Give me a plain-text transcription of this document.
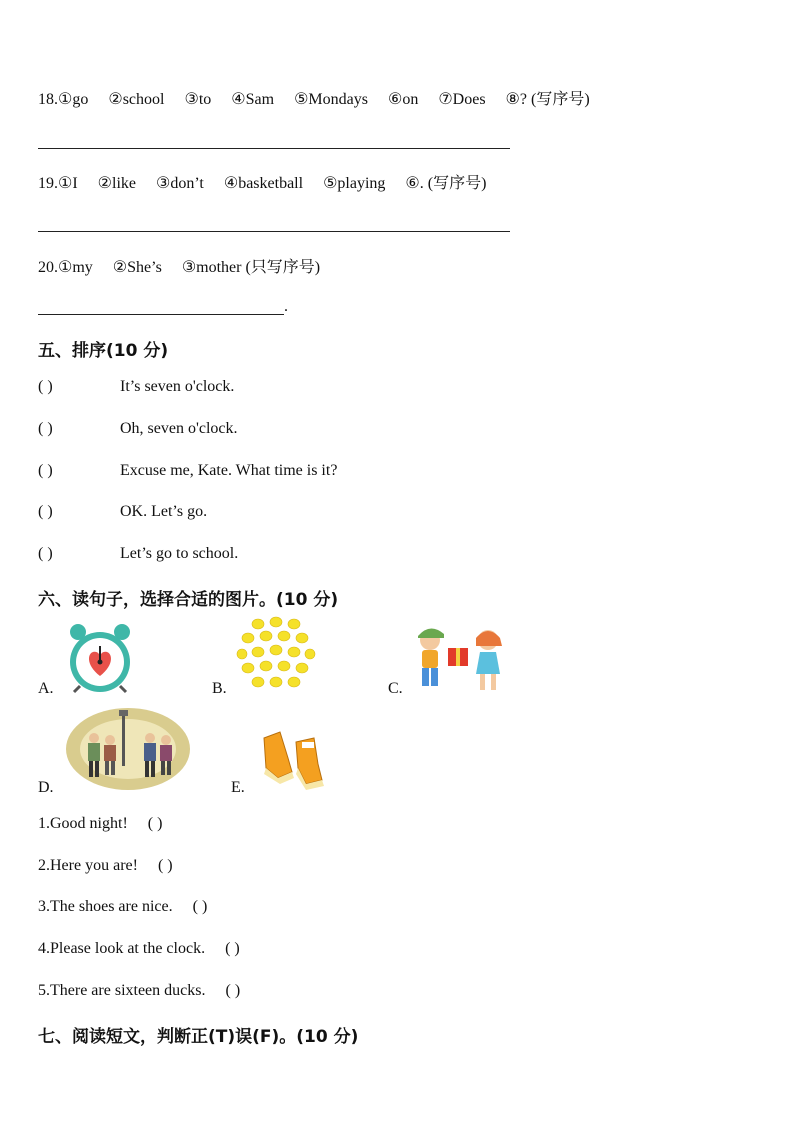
18.①go ②school ③to ④Sam ⑤Mondays ⑥on ⑦Does ⑧? (写序号)
19.①I ②like ③don’t ④basketball ⑤playing ⑥. (写序号)
20.①my ②She’s ③mother (只写序号)
.
五、排序(10 分)
( )	It’s seven o'clock.
( )	Oh, seven o'clock.
( )	Excuse me, Kate. What time is it?
( )	OK. Let’s go.
( )	Let’s go to school.
六、读句子，选择合适的图片。(10 分)
A.	B.	C.
D.	E.
1.Good night! ( )
2.Here you are! ( )
3.The shoes are nice. ( )
4.Please look at the clock. ( )
5.There are sixteen ducks. ( )
七、阅读短文，判断正(T)误(F)。(10 分)
